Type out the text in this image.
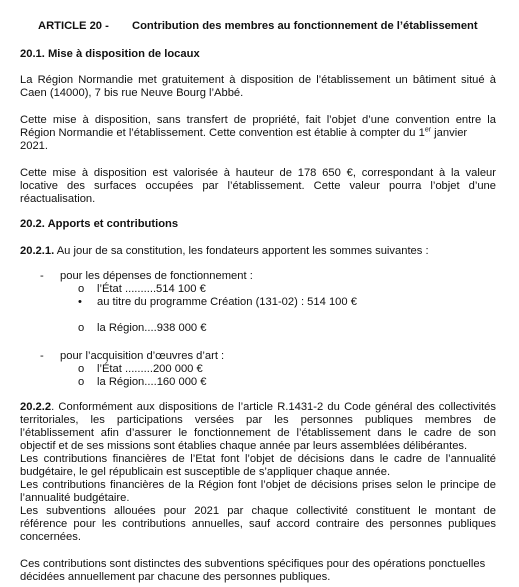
ARTICLE 20 - Contribution des membres au fonctionnement de l’établissement
20.1. Mise à disposition de locaux
La Région Normandie met gratuitement à disposition de l’établissement un bâtiment situé à
Caen (14000), 7 bis rue Neuve Bourg l’Abbé.
Cette mise à disposition, sans transfert de propriété, fait l’objet d’une convention entre la
Région Normandie et l’établissement. Cette convention est établie à compter du 1er janvier
2021.
Cette mise à disposition est valorisée à hauteur de 178 650 €, correspondant à la valeur
locative des surfaces occupées par l’établissement. Cette valeur pourra l’objet d’une
réactualisation.
20.2. Apports et contributions
20.2.1. Au jour de sa constitution, les fondateurs apportent les sommes suivantes :
- pour les dépenses de fonctionnement :
o l’État ..........514 100 €
• au titre du programme Création (131-02) : 514 100 €
o la Région....938 000 €
- pour l’acquisition d’œuvres d’art :
o l’État .........200 000 €
o la Région....160 000 €
20.2.2. Conformément aux dispositions de l’article R.1431-2 du Code général des collectivités
territoriales, les participations versées par les personnes publiques membres de
l’établissement afin d’assurer le fonctionnement de l’établissement dans le cadre de son
objectif et de ses missions sont établies chaque année par leurs assemblées délibérantes.
Les contributions financières de l’Etat font l’objet de décisions dans le cadre de l’annualité
budgétaire, le gel républicain est susceptible de s’appliquer chaque année.
Les contributions financières de la Région font l’objet de décisions prises selon le principe de
l’annualité budgétaire.
Les subventions allouées pour 2021 par chaque collectivité constituent le montant de
référence pour les contributions annuelles, sauf accord contraire des personnes publiques
concernées.
Ces contributions sont distinctes des subventions spécifiques pour des opérations ponctuelles
décidées annuellement par chacune des personnes publiques.
